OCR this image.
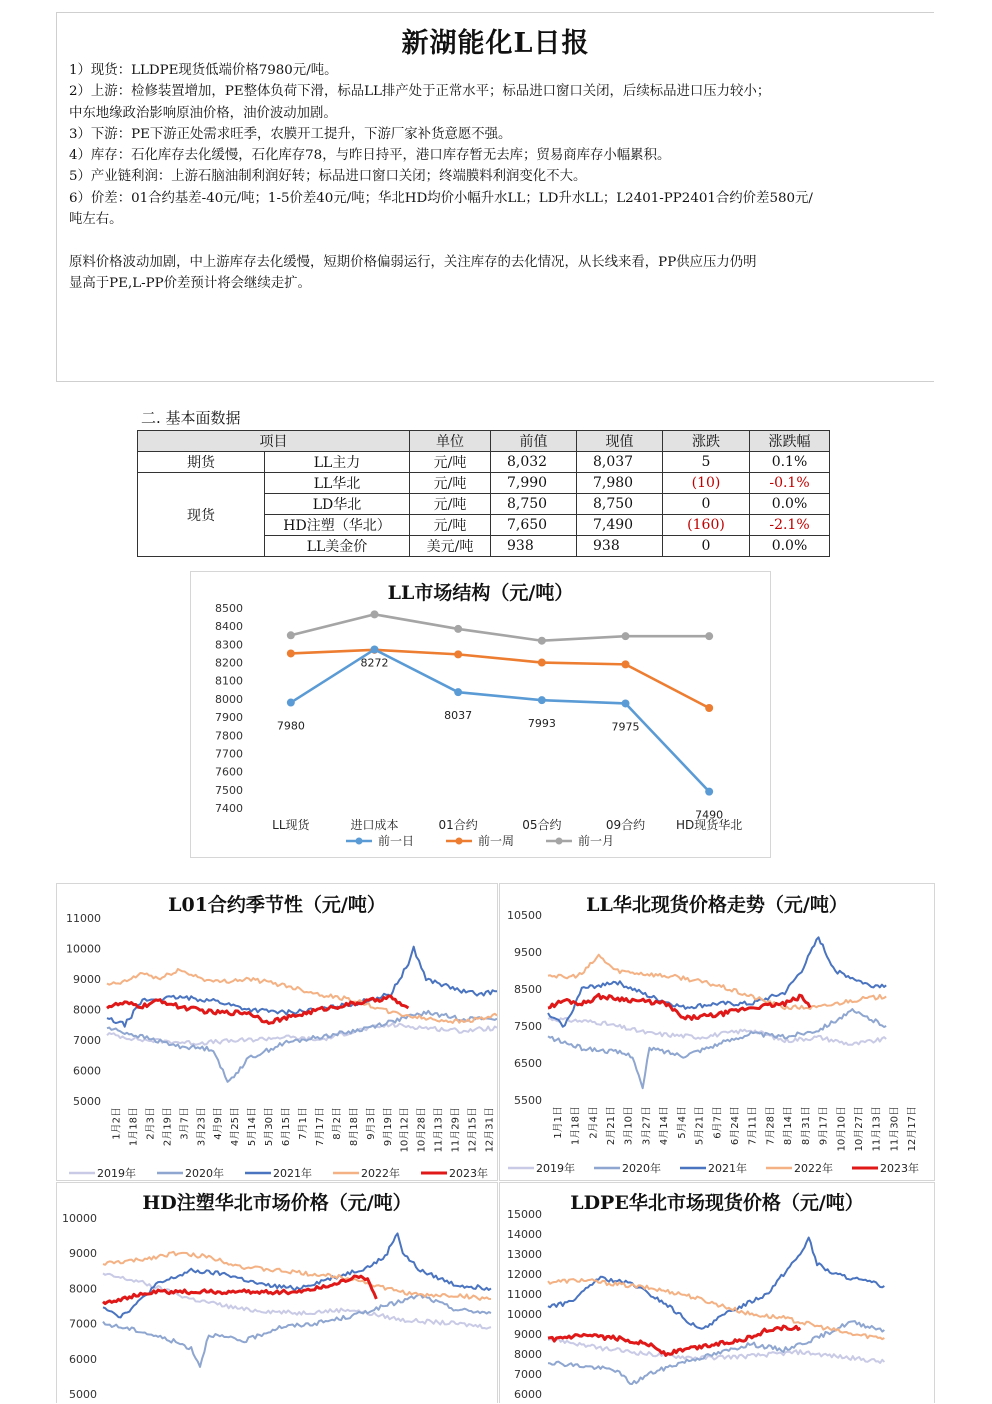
新湖能化L日报
1）现货：LLDPE现货低端价格7980元/吨。
2）上游：检修装置增加，PE整体负荷下滑，标品LL排产处于正常水平；标品进口窗口关闭，后续标品进口压力较小；
中东地缘政治影响原油价格，油价波动加剧。
3）下游：PE下游正处需求旺季，农膜开工提升，下游厂家补货意愿不强。
4）库存：石化库存去化缓慢，石化库存78，与昨日持平，港口库存暂无去库；贸易商库存小幅累积。
5）产业链利润：上游石脑油制利润好转；标品进口窗口关闭；终端膜料利润变化不大。
6）价差：01合约基差-40元/吨；1-5价差40元/吨；华北HD均价小幅升水LL；LD升水LL；L2401-PP2401合约价差580元/
吨左右。

原料价格波动加剧，中上游库存去化缓慢，短期价格偏弱运行，关注库存的去化情况，从长线来看，PP供应压力仍明
显高于PE,L-PP价差预计将会继续走扩。
二. 基本面数据
项目		单位	前值	现值	涨跌	涨跌幅
期货	LL主力	元/吨	8,032	8,037	5	0.1%
现货	LL华北	元/吨	7,990	7,980	(10)	-0.1%
	LD华北	元/吨	8,750	8,750	0	0.0%
	HD注塑（华北）	元/吨	7,650	7,490	(160)	-2.1%
	LL美金价	美元/吨	938	938	0	0.0%
LL市场结构（元/吨）
8500
8400
8300
8200
8100
8000
7900
7800
7700
7600
7500
7400
LL现货	进口成本	01合约	05合约	09合约	HD现货华北
7980
8272
8037
7993	7975
7490
前一日	前一周	前一月
L01合约季节性（元/吨）
11000
10000
9000
8000
7000
6000
5000
1月2日 1月18日 2月3日 2月19日 3月7日 3月23日 4月9日 4月25日 5月14日 5月30日 6月15日 7月1日 7月17日 8月2日 8月18日 9月3日 9月19日 10月12日 10月28日 11月13日 11月29日 12月15日 12月31日
2019年	2020年	2021年	2022年	2023年
LL华北现货价格走势（元/吨）
10500
9500
8500
7500
6500
5500
1月1日 1月18日 2月4日 2月21日 3月10日 3月27日 4月14日 5月4日 5月21日 6月7日 6月24日 7月11日 7月28日 8月14日 8月31日 9月17日 10月10日 10月27日 11月13日 11月30日 12月17日
2019年	2020年	2021年	2022年	2023年
HD注塑华北市场价格（元/吨）
10000
9000
8000
7000
6000
5000
LDPE华北市场现货价格（元/吨）
15000
14000
13000
12000
11000
10000
9000
8000
7000
6000
